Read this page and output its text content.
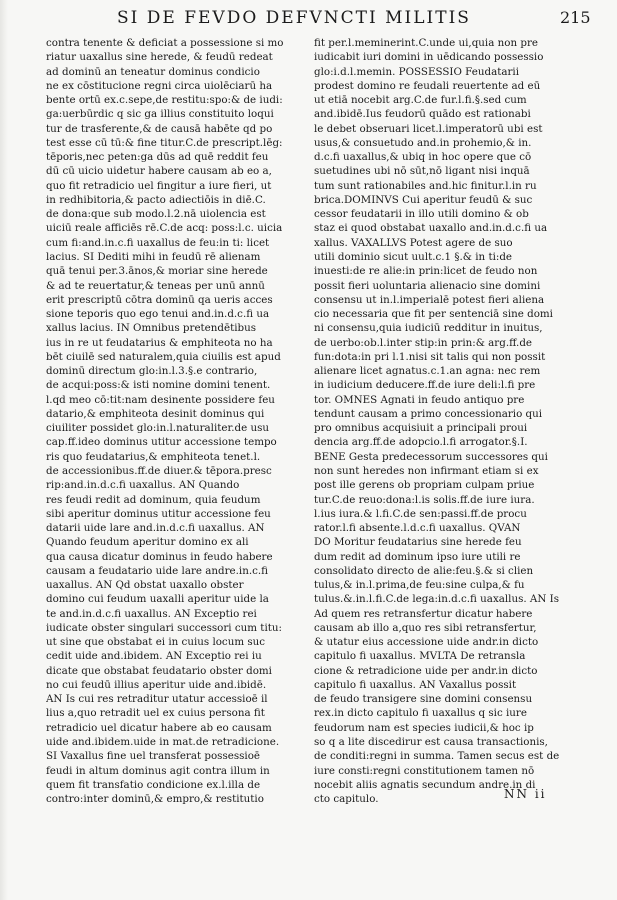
SI DE FEVDO DEFVNCTI MILITIS	215
contra tenente & deficiat a possessione si mo
riatur uaxallus sine herede, & feudū redeat
ad dominū an teneatur dominus condicio
ne ex cōstitucione regni circa uiolēciarū ha
bente ortū ex.c.sepe,de restitu:spo:& de iudi:
ga:uerbūrdic q sic ga illius constituito loqui
tur de trasferente,& de causā habēte qd po
test esse cū tū:& fine titur.C.de prescript.lēg:
tēporis,nec peten:ga dūs ad quē reddit feu
dū cū uicio uidetur habere causam ab eo a,
quo fit retradicio uel fingitur a iure fieri, ut
in redhibitoria,& pacto adiectiōis in diē.C.
de dona:que sub modo.l.2.nā uiolencia est
uiciū reale afficiēs rē.C.de acq: poss:l.c. uicia
cum fi:and.in.c.fi uaxallus de feu:in ti: licet
lacius. SI Dediti mihi in feudū rē alienam
quā tenui per.3.ānos,& moriar sine herede
& ad te reuertatur,& teneas per unū annū
erit prescriptū cōtra dominū qa ueris acces
sione teporis quo ego tenui and.in.d.c.fi ua
xallus lacius. IN Omnibus pretendētibus
ius in re ut feudatarius & emphiteota no ha
bēt ciuilē sed naturalem,quia ciuilis est apud
dominū directum glo:in.l.3.§.e contrario,
de acqui:poss:& isti nomine domini tenent.
l.qd meo cō:tit:nam desinente possidere feu
datario,& emphiteota desinit dominus qui
ciuiliter possidet glo:in.l.naturaliter.de usu
cap.ff.ideo dominus utitur accessione tempo
ris quo feudatarius,& emphiteota tenet.l.
de accessionibus.ff.de diuer.& tēpora.presc
rip:and.in.d.c.fi uaxallus. AN Quando
res feudi redit ad dominum, quia feudum
sibi aperitur dominus utitur accessione feu
datarii uide lare and.in.d.c.fi uaxallus. AN
Quando feudum aperitur domino ex ali
qua causa dicatur dominus in feudo habere
causam a feudatario uide lare andre.in.c.fi
uaxallus. AN Qd obstat uaxallo obster
domino cui feudum uaxalli aperitur uide la
te and.in.d.c.fi uaxallus. AN Exceptio rei
iudicate obster singulari successori cum titu:
ut sine que obstabat ei in cuius locum suc
cedit uide and.ibidem. AN Exceptio rei iu
dicate que obstabat feudatario obster domi
no cui feudū illius aperitur uide and.ibidē.
AN Is cui res retraditur utatur accessioē il
lius a,quo retradit uel ex cuius persona fit
retradicio uel dicatur habere ab eo causam
uide and.ibidem.uide in mat.de retradicione.
SI Vaxallus fine uel transferat possessioē
feudi in altum dominus agit contra illum in
quem fit transfatio condicione ex.l.illa de
contro:inter dominū,& empro,& restitutio
fit per.l.meminerint.C.unde ui,quia non pre
iudicabit iuri domini in uēdicando possessio
glo:i.d.l.memin. POSSESSIO Feudatarii
prodest domino re feudali reuertente ad eū
ut etiā nocebit arg.C.de fur.l.fi.§.sed cum
and.ibidē.Ius feudorū quādo est rationabi
le debet obseruari licet.l.imperatorū ubi est
usus,& consuetudo and.in prohemio,& in.
d.c.fi uaxallus,& ubiq in hoc opere que cō
suetudines ubi nō sūt,nō ligant nisi inquā
tum sunt rationabiles and.hic finitur.l.in ru
brica.DOMINVS Cui aperitur feudū & suc
cessor feudatarii in illo utili domino & ob
staz ei quod obstabat uaxallo and.in.d.c.fi ua
xallus. VAXALLVS Potest agere de suo
utili dominio sicut uult.c.1 §.& in ti:de
inuesti:de re alie:in prin:licet de feudo non
possit fieri uoluntaria alienacio sine domini
consensu ut in.l.imperialē potest fieri aliena
cio necessaria que fit per sentenciā sine domi
ni consensu,quia iudiciū redditur in inuitus,
de uerbo:ob.l.inter stip:in prin:& arg.ff.de
fun:dota:in pri l.1.nisi sit talis qui non possit
alienare licet agnatus.c.1.an agna: nec rem
in iudicium deducere.ff.de iure deli:l.fi pre
tor. OMNES Agnati in feudo antiquo pre
tendunt causam a primo concessionario qui
pro omnibus acquisiuit a principali proui
dencia arg.ff.de adopcio.l.fi arrogator.§.I.
BENE Gesta predecessorum successores qui
non sunt heredes non infirmant etiam si ex
post ille gerens ob propriam culpam priue
tur.C.de reuo:dona:l.is solis.ff.de iure iura.
l.ius iura.& l.fi.C.de sen:passi.ff.de procu
rator.l.fi absente.l.d.c.fi uaxallus. QVAN
DO Moritur feudatarius sine herede feu
dum redit ad dominum ipso iure utili re
consolidato directo de alie:feu.§.& si clien
tulus,& in.l.prima,de feu:sine culpa,& fu
tulus.&.in.l.fi.C.de lega:in.d.c.fi uaxallus. AN Is
Ad quem res retransfertur dicatur habere
causam ab illo a,quo res sibi retransfertur,
& utatur eius accessione uide andr.in dicto
capitulo fi uaxallus. MVLTA De retransla
cione & retradicione uide per andr.in dicto
capitulo fi uaxallus. AN Vaxallus possit
de feudo transigere sine domini consensu
rex.in dicto capitulo fi uaxallus q sic iure
feudorum nam est species iudicii,& hoc ip
so q a lite discedirur est causa transactionis,
de conditi:regni in summa. Tamen secus est de
iure consti:regni constitutionem tamen nō
nocebit aliis agnatis secundum andre.in di
cto capitulo.	NN ii
